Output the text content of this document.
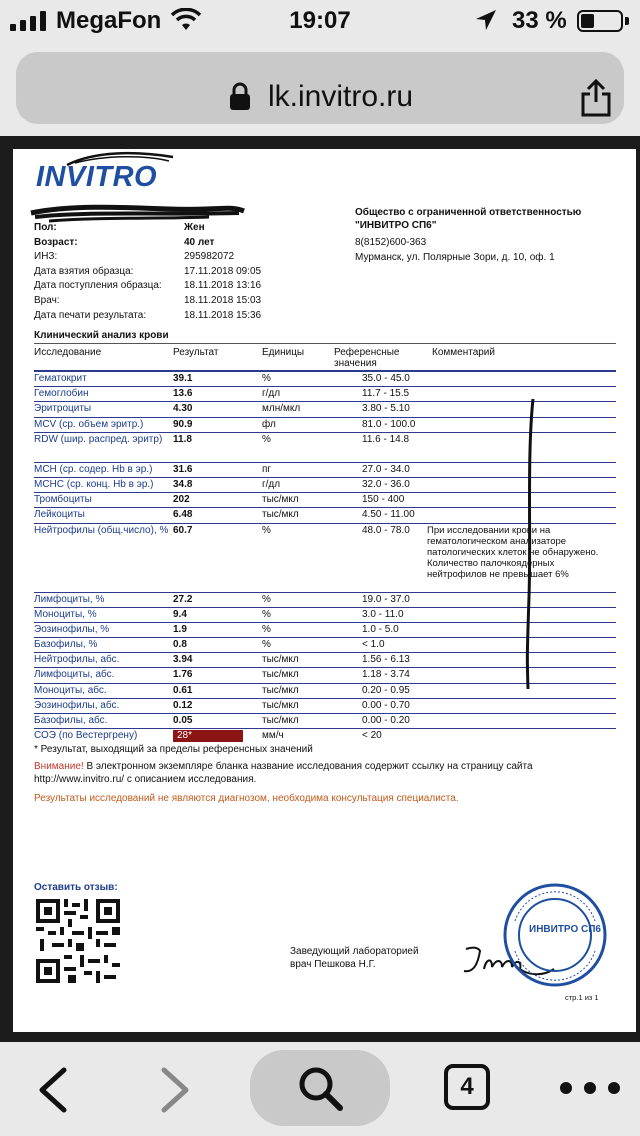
MegaFon	19:07	33 %
lk.invitro.ru
INVITRO
Пол:	Жен
Возраст:	40 лет
ИНЗ:	295982072
Дата взятия образца:	17.11.2018 09:05
Дата поступления образца:	18.11.2018 13:16
Врач:	18.11.2018 15:03
Дата печати результата:	18.11.2018 15:36
Общество с ограниченной ответственностью
"ИНВИТРО СП6"
8(8152)600-363
Мурманск, ул. Полярные Зори, д. 10, оф. 1
Клинический анализ крови
Исследование	Результат	Единицы	Референсные значения
Комментарий
Гематокрит	39.1	%	35.0 - 45.0
Гемоглобин	13.6	г/дл	11.7 - 15.5
Эритроциты	4.30	млн/мкл	3.80 - 5.10
MCV (ср. объем эритр.)	90.9	фл	81.0 - 100.0
RDW (шир. распред. эритр)	11.8	%	11.6 - 14.8
MCH (ср. содер. Hb в эр.)	31.6	пг	27.0 - 34.0
MCHC (ср. конц. Hb в эр.)	34.8	г/дл	32.0 - 36.0
Тромбоциты	202	тыс/мкл	150 - 400
Лейкоциты	6.48	тыс/мкл	4.50 - 11.00
Нейтрофилы (общ.число), % 60.7	%	48.0 - 78.0	При исследовании крови на гематологическом анализаторе патологических клеток не обнаружено. Количество палочкоядерных нейтрофилов не превышает 6%
Лимфоциты, %	27.2	%	19.0 - 37.0
Моноциты, %	9.4	%	3.0 - 11.0
Эозинофилы, %	1.9	%	1.0 - 5.0
Базофилы, %	0.8	%	< 1.0
Нейтрофилы, абс.	3.94	тыс/мкл	1.56 - 6.13
Лимфоциты, абс.	1.76	тыс/мкл	1.18 - 3.74
Моноциты, абс.	0.61	тыс/мкл	0.20 - 0.95
Эозинофилы, абс.	0.12	тыс/мкл	0.00 - 0.70
Базофилы, абс.	0.05	тыс/мкл	0.00 - 0.20
СОЭ (по Вестергрену)	28*	мм/ч	< 20
* Результат, выходящий за пределы референсных значений
Внимание! В электронном экземпляре бланка название исследования содержит ссылку на страницу сайта
http://www.invitro.ru/ с описанием исследования.
Результаты исследований не являются диагнозом, необходима консультация специалиста.
Оставить отзыв:
Заведующий лабораторией
врач Пешкова Н.Г.
ИНВИТРО СП6
стр.1 из 1
4
